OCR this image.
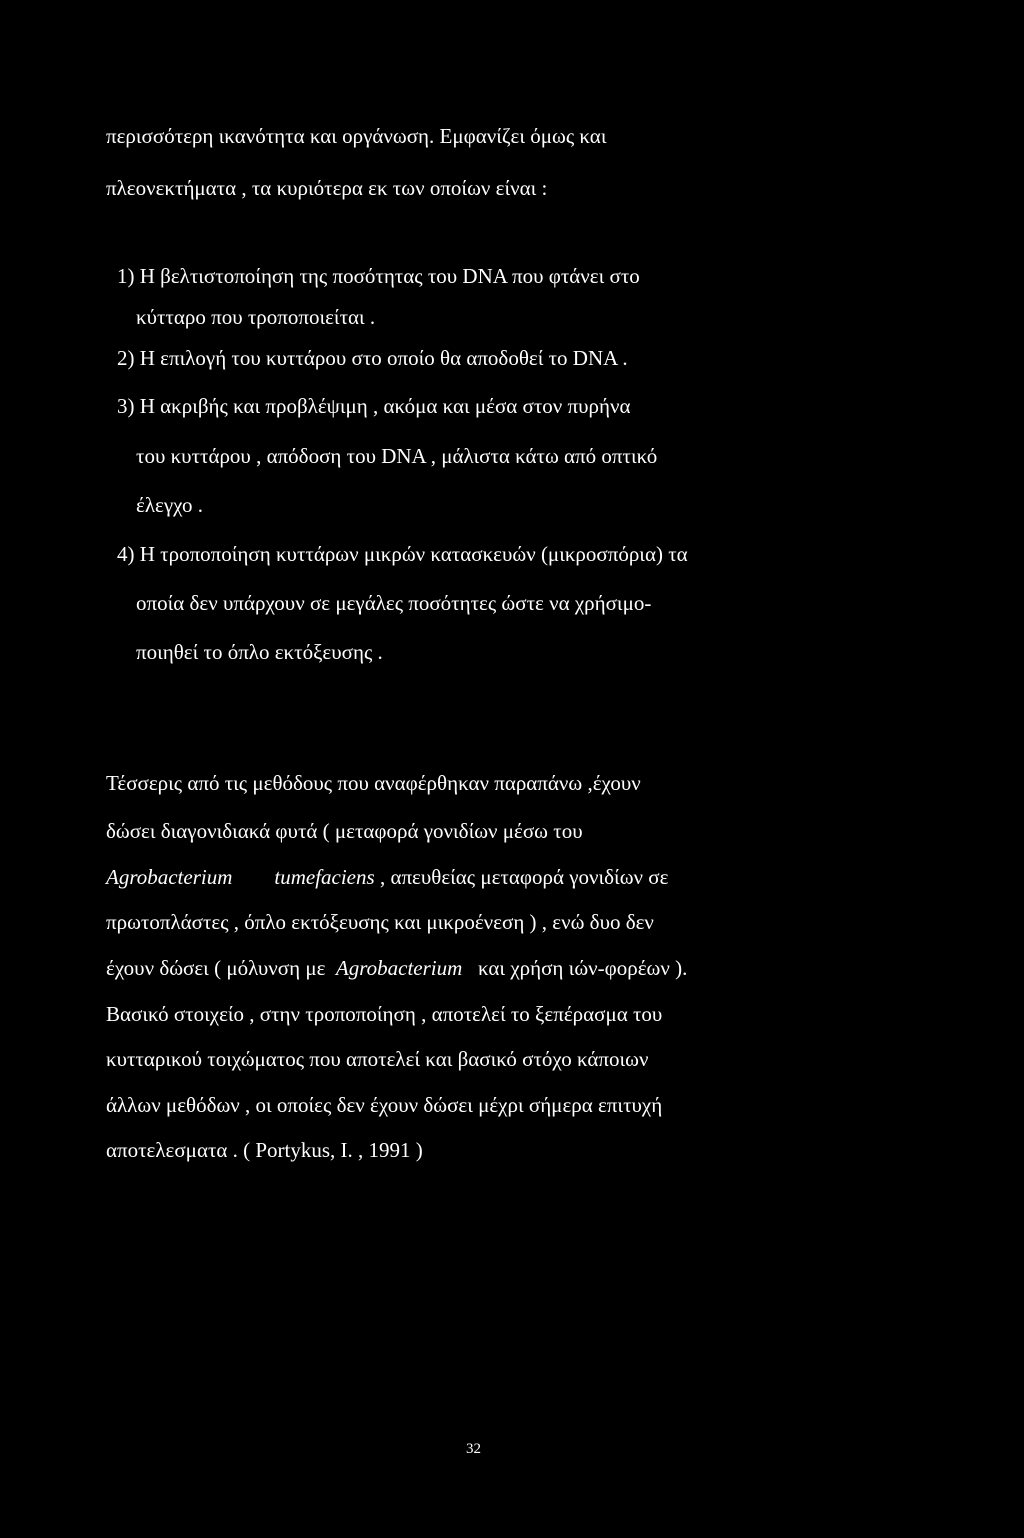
περισσότερη ικανότητα και οργάνωση. Εμφανίζει όμως και
πλεονεκτήματα , τα κυριότερα εκ των οποίων είναι :
1) Η βελτιστοποίηση της ποσότητας του DNA που φτάνει στο
κύτταρο που τροποποιείται .
2) Η επιλογή του κυττάρου στο οποίο θα αποδοθεί το DNA .
3) Η ακριβής και προβλέψιμη , ακόμα και μέσα στον πυρήνα
του κυττάρου , απόδοση του DNA , μάλιστα κάτω από οπτικό
έλεγχο .
4) Η τροποποίηση κυττάρων μικρών κατασκευών (μικροσπόρια) τα
οποία δεν υπάρχουν σε μεγάλες ποσότητες ώστε να χρήσιμο-
ποιηθεί το όπλο εκτόξευσης .
Τέσσερις από τις μεθόδους που αναφέρθηκαν παραπάνω ,έχουν
δώσει διαγονιδιακά φυτά ( μεταφορά γονιδίων μέσω του
Agrobacterium tumefaciens , απευθείας μεταφορά γονιδίων σε
πρωτοπλάστες , όπλο εκτόξευσης και μικροένεση ) , ενώ δυο δεν
έχουν δώσει ( μόλυνση με Agrobacterium και χρήση ιών-φορέων ).
Βασικό στοιχείο , στην τροποποίηση , αποτελεί το ξεπέρασμα του
κυτταρικού τοιχώματος που αποτελεί και βασικό στόχο κάποιων
άλλων μεθόδων , οι οποίες δεν έχουν δώσει μέχρι σήμερα επιτυχή
αποτελεσματα . ( Portykus, I. , 1991 )
32
